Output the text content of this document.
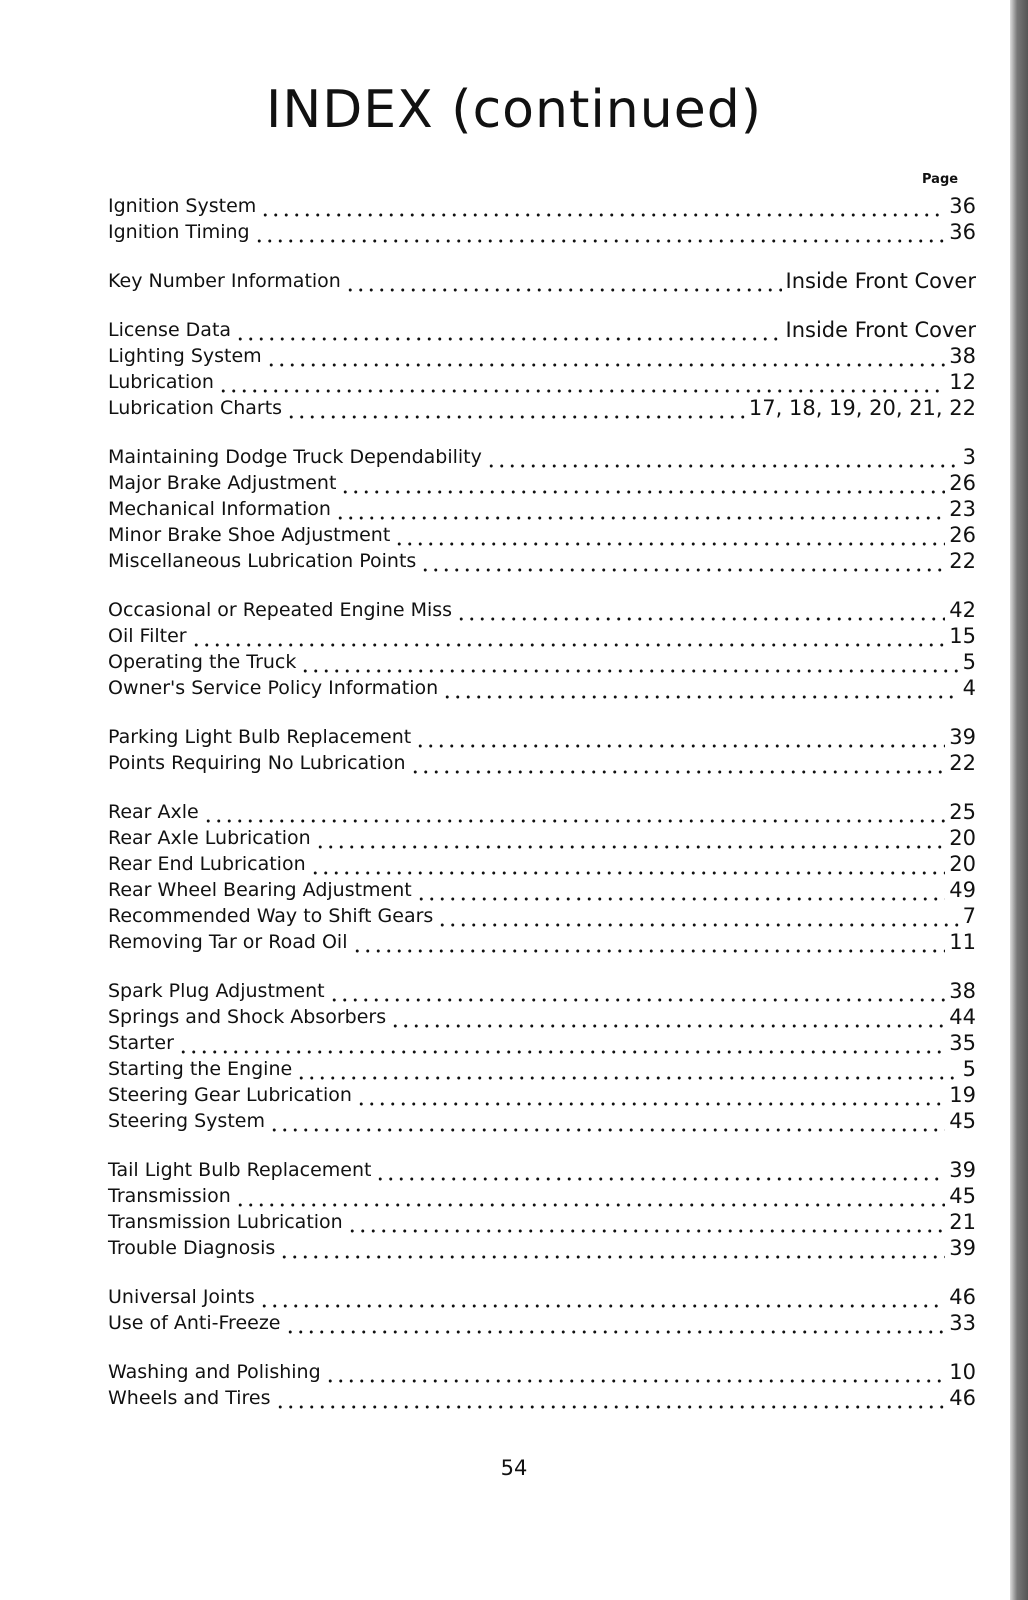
INDEX (continued)
Page
Ignition System	36
Ignition Timing	36
Key Number Information	Inside Front Cover
License Data	Inside Front Cover
Lighting System	38
Lubrication	12
Lubrication Charts	17, 18, 19, 20, 21, 22
Maintaining Dodge Truck Dependability	3
Major Brake Adjustment	26
Mechanical Information	23
Minor Brake Shoe Adjustment	26
Miscellaneous Lubrication Points	22
Occasional or Repeated Engine Miss	42
Oil Filter	15
Operating the Truck	5
Owner's Service Policy Information	4
Parking Light Bulb Replacement	39
Points Requiring No Lubrication	22
Rear Axle	25
Rear Axle Lubrication	20
Rear End Lubrication	20
Rear Wheel Bearing Adjustment	49
Recommended Way to Shift Gears	7
Removing Tar or Road Oil	11
Spark Plug Adjustment	38
Springs and Shock Absorbers	44
Starter	35
Starting the Engine	5
Steering Gear Lubrication	19
Steering System	45
Tail Light Bulb Replacement	39
Transmission	45
Transmission Lubrication	21
Trouble Diagnosis	39
Universal Joints	46
Use of Anti-Freeze	33
Washing and Polishing	10
Wheels and Tires	46
54
